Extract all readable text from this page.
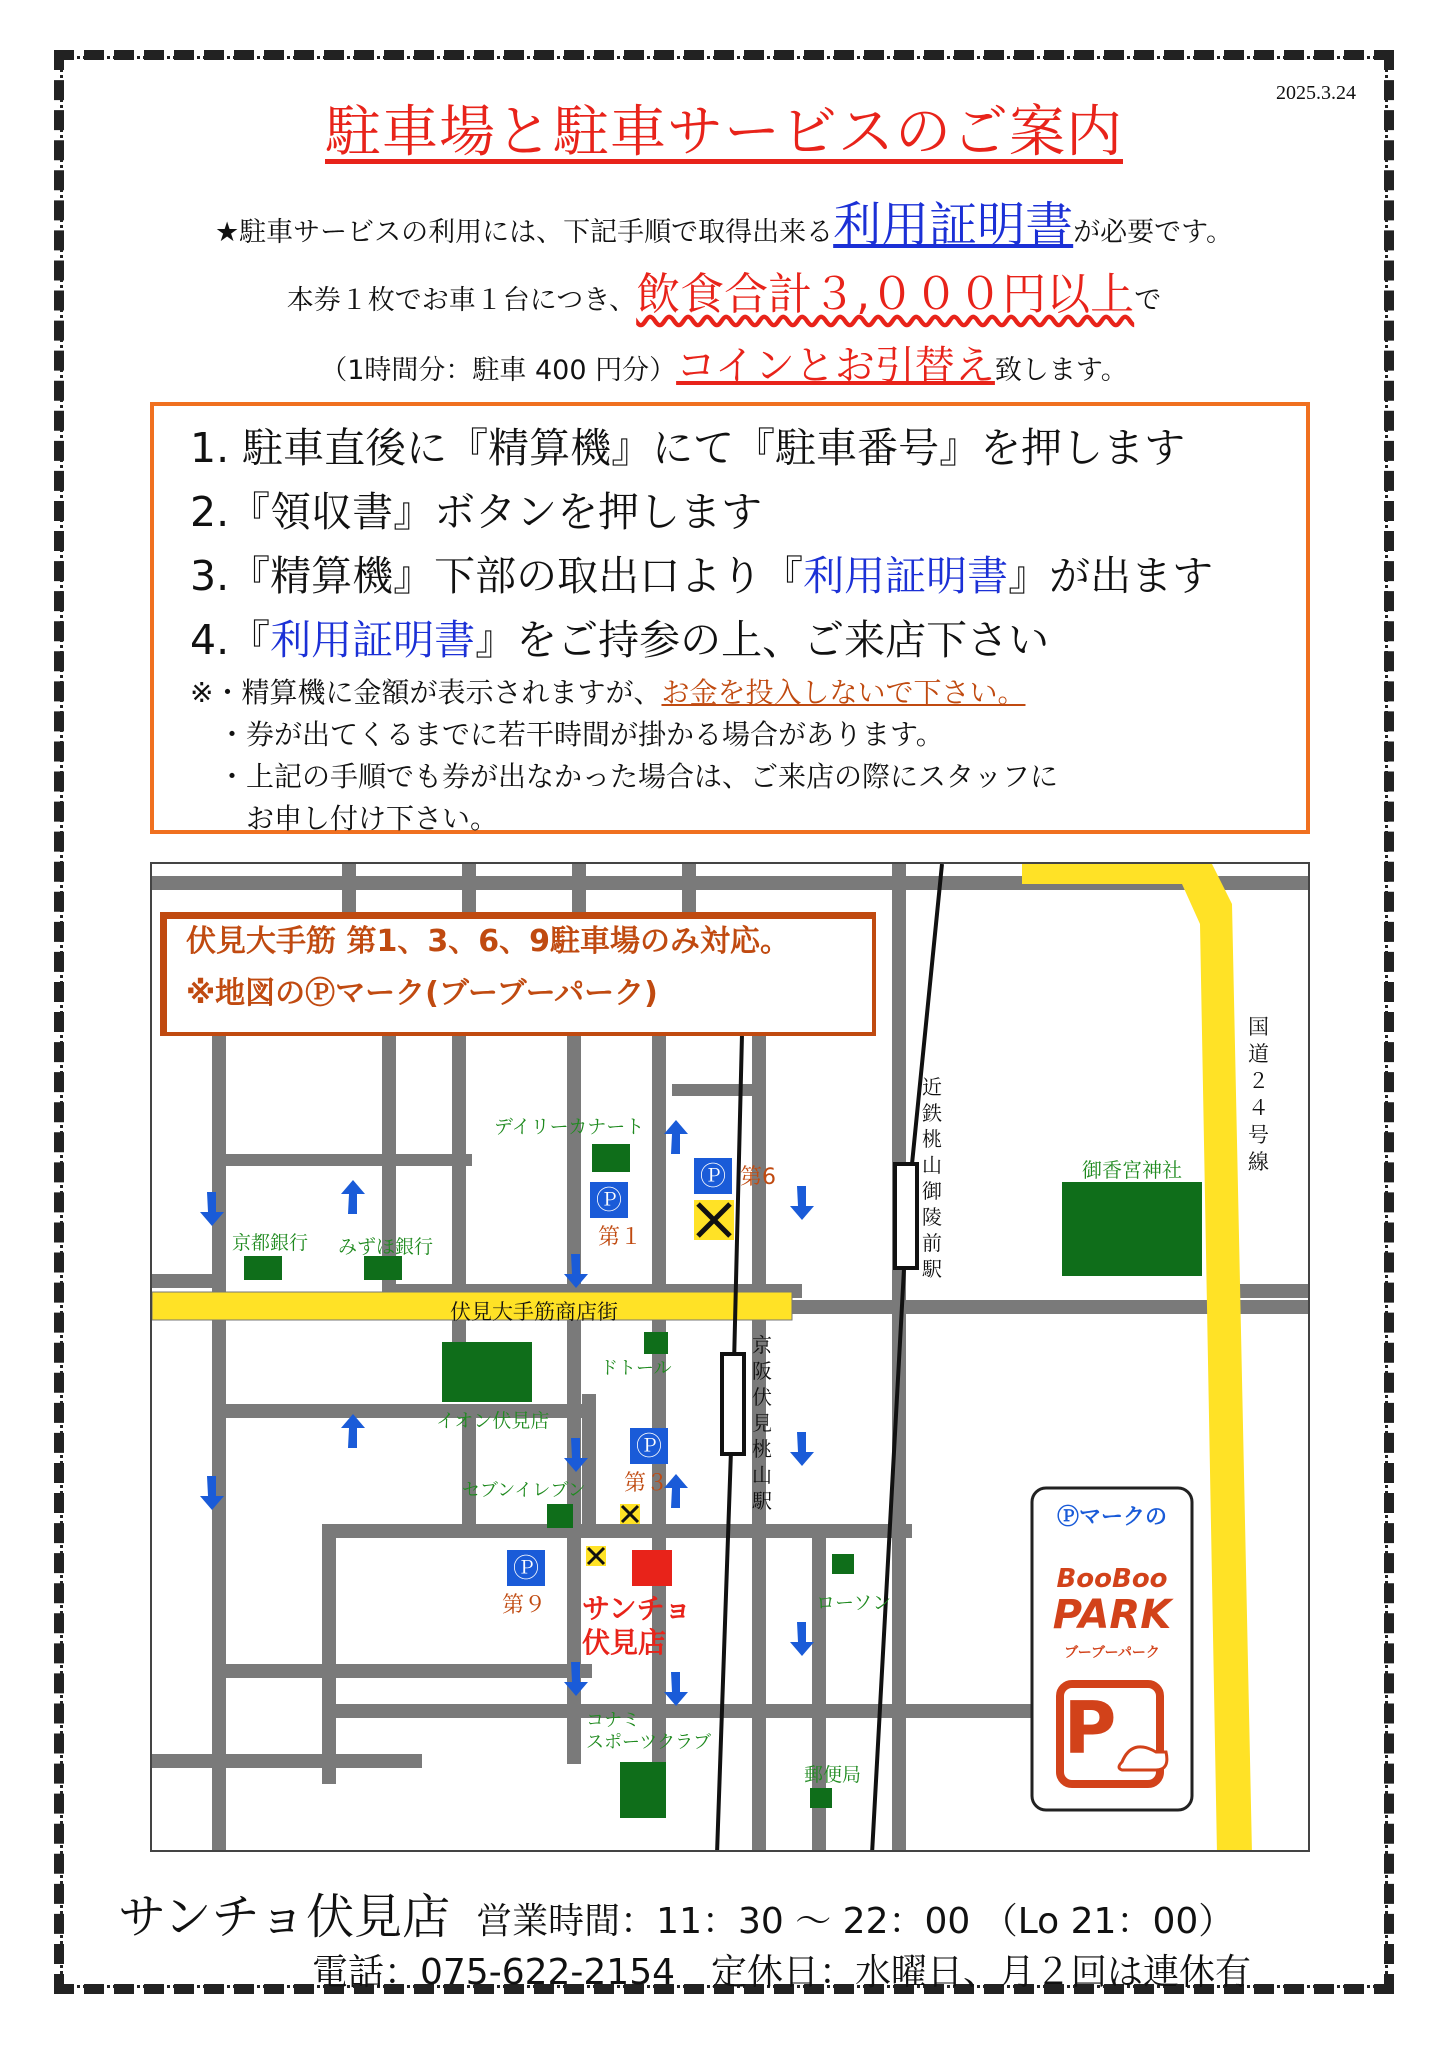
2025.3.24
駐車場と駐車サービスのご案内
★駐車サービスの利用には、下記手順で取得出来る利用証明書が必要です。
本券１枚でお車１台につき、飲食合計３,０００円以上で
（1時間分：駐車 400 円分）コインとお引替え致します。
1. 駐車直後に『精算機』にて『駐車番号』を押します
2.『領収書』ボタンを押します
3.『精算機』下部の取出口より『利用証明書』が出ます
4.『利用証明書』をご持参の上、ご来店下さい
※・精算機に金額が表示されますが、お金を投入しないで下さい。
　・券が出てくるまでに若干時間が掛かる場合があります。
　・上記の手順でも券が出なかった場合は、ご来店の際にスタッフに
　　お申し付け下さい。
伏見大手筋商店街
国道２４号線
近鉄 桃山御陵前駅
京阪 伏見桃山駅
デイリーカナート
京都銀行 みずほ銀行
ドトール
イオン伏見店
セブンイレブン
ローソン
コナミ
スポーツクラブ
郵便局
御香宮神社
第１
第３
第6
第９
Ⓟ
Ⓟ
Ⓟ
Ⓟ
サンチョ
伏見店
Ⓟマークの
BooBoo
PARK
ブーブーパーク
P
伏見大手筋 第1、3、6、9駐車場のみ対応。
※地図のⓅマーク(ブーブーパーク)
サンチョ伏見店 営業時間：11：30 ～ 22：00 （Lo 21：00）
電話：075-622-2154　定休日：水曜日、月２回は連休有
